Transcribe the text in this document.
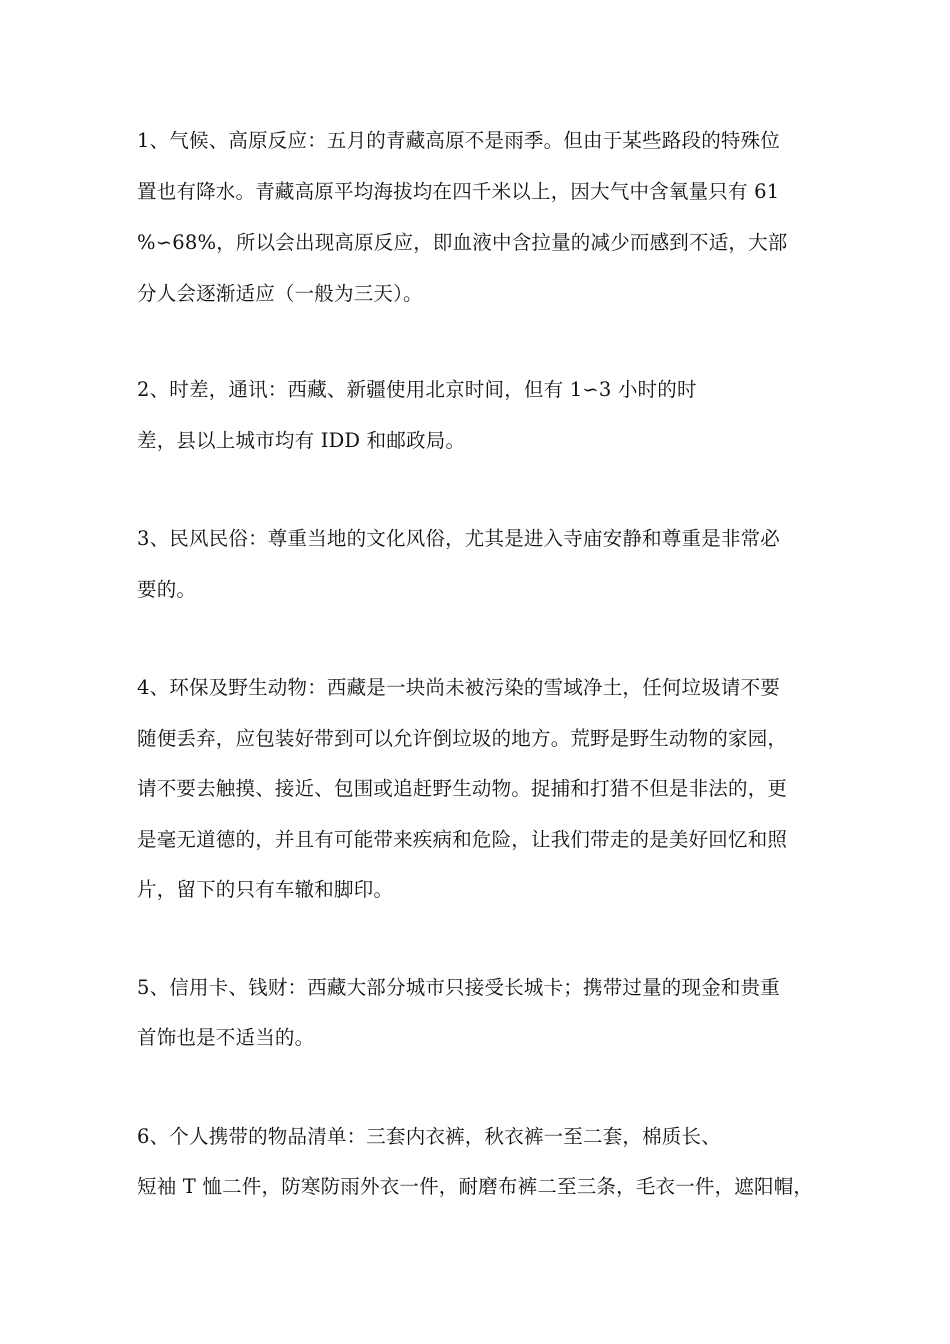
1、气候、高原反应：五月的青藏高原不是雨季。但由于某些路段的特殊位
置也有降水。青藏高原平均海拔均在四千米以上，因大气中含氧量只有 61
%∽68%，所以会出现高原反应，即血液中含拉量的减少而感到不适，大部
分人会逐渐适应（一般为三天）。
2、时差，通讯：西藏、新疆使用北京时间，但有 1∽3 小时的时
差，县以上城市均有 IDD 和邮政局。
3、民风民俗：尊重当地的文化风俗，尤其是进入寺庙安静和尊重是非常必
要的。
4、环保及野生动物：西藏是一块尚未被污染的雪域净土，任何垃圾请不要
随便丢弃，应包装好带到可以允许倒垃圾的地方。荒野是野生动物的家园，
请不要去触摸、接近、包围或追赶野生动物。捉捕和打猎不但是非法的，更
是毫无道德的，并且有可能带来疾病和危险，让我们带走的是美好回忆和照
片，留下的只有车辙和脚印。
5、信用卡、钱财：西藏大部分城市只接受长城卡；携带过量的现金和贵重
首饰也是不适当的。
6、个人携带的物品清单：三套内衣裤，秋衣裤一至二套，棉质长、
短袖 T 恤二件，防寒防雨外衣一件，耐磨布裤二至三条，毛衣一件，遮阳帽，
